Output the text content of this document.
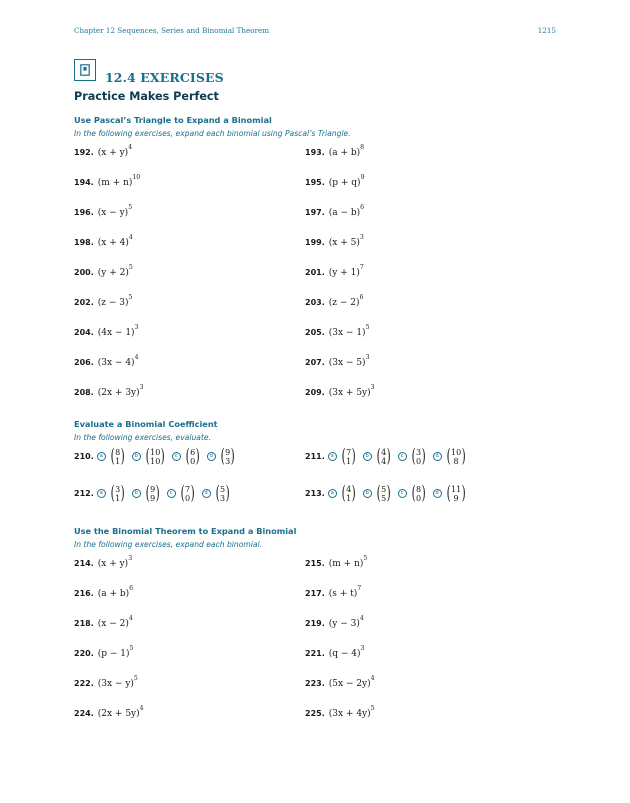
Chapter 12 Sequences, Series and Binomial Theorem	1215
12.4 EXERCISES
Practice Makes Perfect
Use Pascal’s Triangle to Expand a Binomial
In the following exercises, expand each binomial using Pascal’s Triangle.
192. $(x + y)^4$
193. $(a + b)^8$
194. $(m + n)^{10}$
195. $(p + q)^9$
196. $(x - y)^5$
197. $(a - b)^6$
198. $(x + 4)^4$
199. $(x + 5)^3$
200. $(y + 2)^5$
201. $(y + 1)^7$
202. $(z - 3)^5$
203. $(z - 2)^6$
204. $(4x - 1)^3$
205. $(3x - 1)^5$
206. $(3x - 4)^4$
207. $(3x - 5)^3$
208. $(2x + 3y)^3$
209. $(3x + 5y)^3$
Evaluate a Binomial Coefficient
In the following exercises, evaluate.
210.	a ( 8
1 )	b ( 10
10 )	c ( 6
0 )	d ( 9
3 )	211.	a ( 7
1 )	b ( 4
4 )	c ( 3
0 )	d ( 10
8 )
212.	a ( 3
1 )	b ( 9
9 )	c ( 7
0 )	d ( 5
3 )	213.	a ( 4
1 )	b ( 5
5 )	c ( 8
0 )	d ( 11
9 )
Use the Binomial Theorem to Expand a Binomial
In the following exercises, expand each binomial.
214. $(x + y)^3$
215. $(m + n)^5$
216. $(a + b)^6$
217. $(s + t)^7$
218. $(x - 2)^4$
219. $(y - 3)^4$
220. $(p - 1)^5$
221. $(q - 4)^3$
222. $(3x - y)^5$
223. $(5x - 2y)^4$
224. $(2x + 5y)^4$
225. $(3x + 4y)^5$
